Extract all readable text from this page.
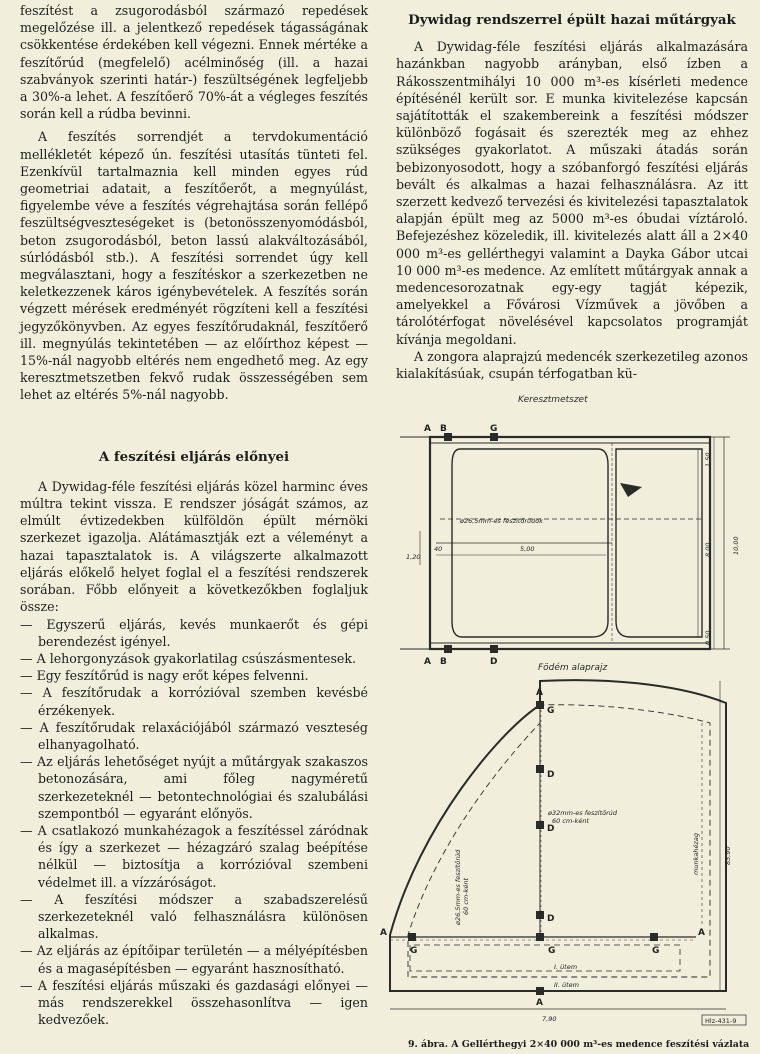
feszítést a zsugorodásból származó repedések megelőzése ill. a jelentkező repedések tágasságának csökkentése érdekében kell végezni. Ennek mértéke a feszítőrúd (megfelelő) acélminőség (ill. a hazai szabványok szerinti határ-) feszültségének legfeljebb a 30%-a lehet. A feszítőerő 70%-át a végleges feszítés során kell a rúdba bevinni.

A feszítés sorrendjét a tervdokumentáció mellékletét képező ún. feszítési utasítás tünteti fel. Ezenkívül tartalmaznia kell minden egyes rúd geometriai adatait, a feszítőerőt, a megnyúlást, figyelembe véve a feszítés végrehajtása során fellépő feszültségveszteségeket is (betonösszenyomódásból, beton zsugorodásból, beton lassú alakváltozásából, súrlódásból stb.). A feszítési sorrendet úgy kell megválasztani, hogy a feszítéskor a szerkezetben ne keletkezzenek káros igénybevételek. A feszítés során végzett mérések eredményét rögzíteni kell a feszítési jegyzőkönyvben. Az egyes feszítőrudaknál, feszítőerő ill. megnyúlás tekintetében — az előírthoz képest — 15%-nál nagyobb eltérés nem engedhető meg. Az egy keresztmetszetben fekvő rudak összességében sem lehet az eltérés 5%-nál nagyobb.

A feszítési eljárás előnyei

A Dywidag-féle feszítési eljárás közel harminc éves múltra tekint vissza. E rendszer jóságát számos, az elmúlt évtizedekben külföldön épült mérnöki szerkezet igazolja. Alátámasztják ezt a véleményt a hazai tapasztalatok is. A világszerte alkalmazott eljárás előkelő helyet foglal el a feszítési rendszerek sorában. Főbb előnyeit a következőkben foglaljuk össze:

— Egyszerű eljárás, kevés munkaerőt és gépi berendezést igényel.
— A lehorgonyzások gyakorlatilag csúszásmentesek.
— Egy feszítőrúd is nagy erőt képes felvenni.
— A feszítőrudak a korrózióval szemben kevésbé érzékenyek.
— A feszítőrudak relaxációjából származó veszteség elhanyagolható.
— Az eljárás lehetőséget nyújt a műtárgyak szakaszos betonozására, ami főleg nagyméretű szerkezeteknél — betontechnológiai és szalubálási szempontból — egyaránt előnyös.
— A csatlakozó munkahézagok a feszítéssel záródnak és így a szerkezet — hézagzáró szalag beépítése nélkül — biztosítja a korrózióval szembeni védelmet ill. a vízzáróságot.
— A feszítési módszer a szabadszerelésű szerkezeteknél való felhasználásra különösen alkalmas.
— Az eljárás az építőipar területén — a mélyépítésben és a magasépítésben — egyaránt hasznosítható.
— A feszítési eljárás műszaki és gazdasági előnyei — más rendszerekkel összehasonlítva — igen kedvezőek.

Dywidag rendszerrel épült hazai műtárgyak

A Dywidag-féle feszítési eljárás alkalmazására hazánkban nagyobb arányban, első ízben a Rákosszentmihályi 10 000 m³-es kísérleti medence építésénél került sor. E munka kivitelezése kapcsán sajátították el szakembereink a feszítési módszer különböző fogásait és szerezték meg az ehhez szükséges gyakorlatot. A műszaki átadás során bebizonyosodott, hogy a szóbanforgó feszítési eljárás bevált és alkalmas a hazai felhasználásra. Az itt szerzett kedvező tervezési és kivitelezési tapasztalatok alapján épült meg az 5000 m³-es óbudai víztároló. Befejezéshez közeledik, ill. kivitelezés alatt áll a 2×40 000 m³-es gellérthegyi valamint a Dayka Gábor utcai 10 000 m³-es medence. Az említett műtárgyak annak a medencesorozatnak egy-egy tagját képezik, amelyekkel a Fővárosi Vízművek a jövőben a tárolótérfogat növelésével kapcsolatos programját kívánja megoldani.

A zongora alaprajzú medencék szerkezetileg azonos kialakításúak, csupán térfogatban kü-

Keresztmetszet

Födém alaprajz

A B	G
A B	D
ø26,5mm-es feszítőrúdok
1,20
40	5,00
1,50
8,00
0,50
10,00
A
G
D
D
D
A
G	G	G
A
A
ø32mm-es feszítőrúd
60 cm-ként
ø26,5mm-es feszítőrúd 60 cm-ként
munkahézag
I. ütem
II. ütem
7,90
83,90
Hlz-431-9

9. ábra. A Gellérthegyi 2×40 000 m³-es medence feszítési vázlata
